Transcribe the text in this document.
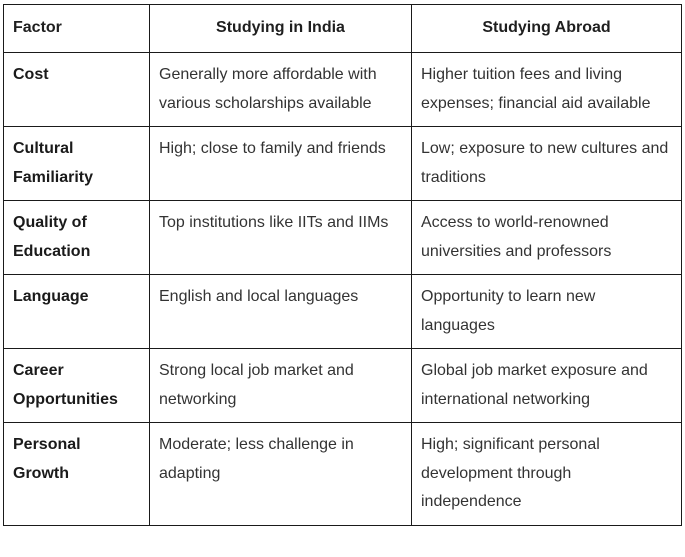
Factor	Studying in India	Studying Abroad
Cost	Generally more affordable with various scholarships available	Higher tuition fees and living expenses; financial aid available
Cultural Familiarity	High; close to family and friends	Low; exposure to new cultures and traditions
Quality of Education	Top institutions like IITs and IIMs	Access to world-renowned universities and professors
Language	English and local languages	Opportunity to learn new languages
Career Opportunities	Strong local job market and networking	Global job market exposure and international networking
Personal Growth	Moderate; less challenge in adapting	High; significant personal development through independence
